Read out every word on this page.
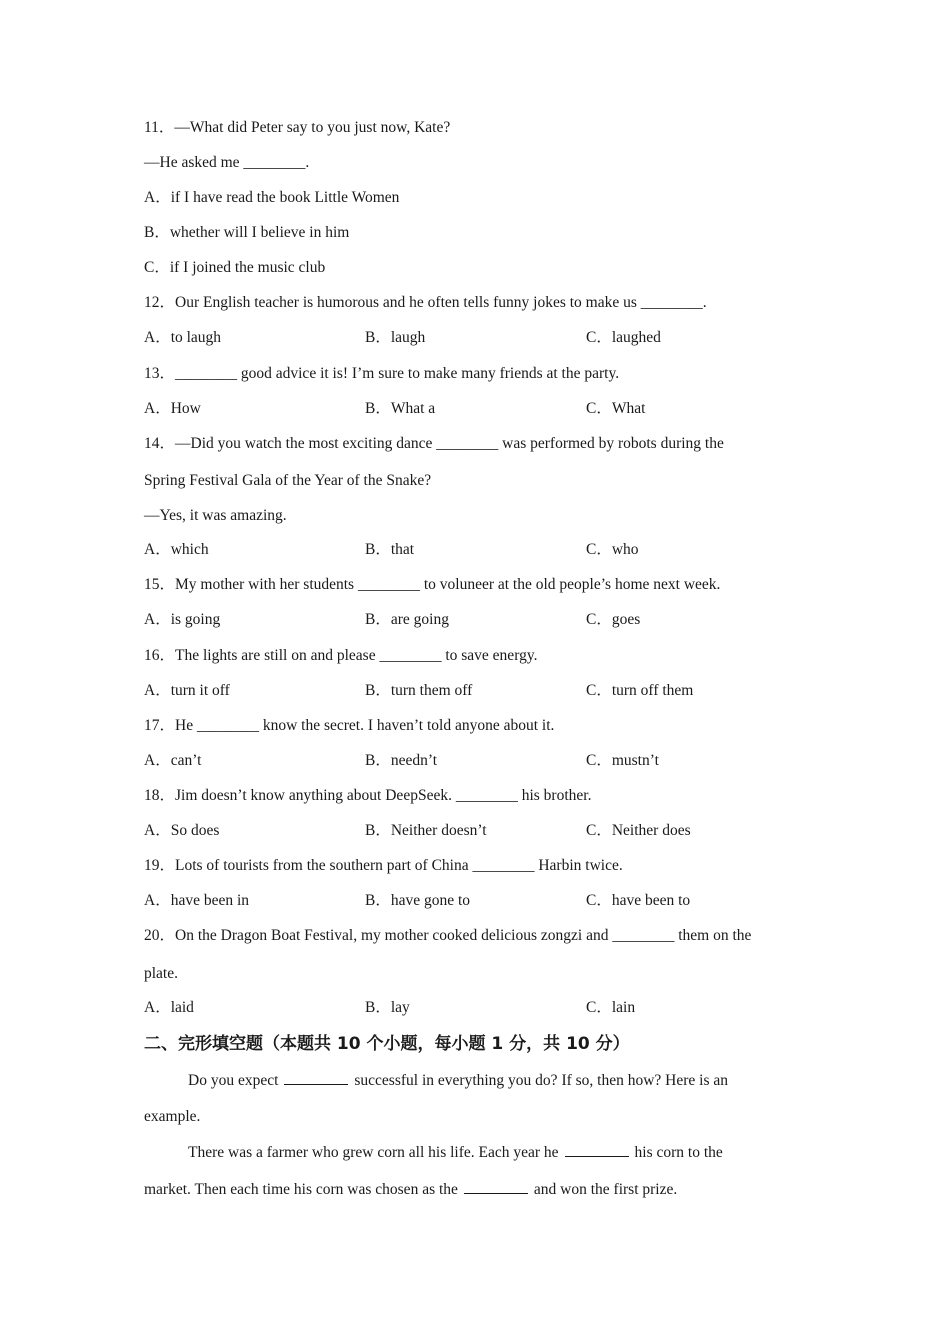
11．—What did Peter say to you just now, Kate?
—He asked me ________.
A．if I have read the book Little Women
B．whether will I believe in him
C．if I joined the music club
12．Our English teacher is humorous and he often tells funny jokes to make us ________.
A．to laugh	B．laugh	C．laughed
13．________ good advice it is! I’m sure to make many friends at the party.
A．How	B．What a	C．What
14．—Did you watch the most exciting dance ________ was performed by robots during the
Spring Festival Gala of the Year of the Snake?
—Yes, it was amazing.
A．which	B．that	C．who
15．My mother with her students ________ to voluneer at the old people’s home next week.
A．is going	B．are going	C．goes
16．The lights are still on and please ________ to save energy.
A．turn it off	B．turn them off	C．turn off them
17．He ________ know the secret. I haven’t told anyone about it.
A．can’t	B．needn’t	C．mustn’t
18．Jim doesn’t know anything about DeepSeek. ________ his brother.
A．So does	B．Neither doesn’t	C．Neither does
19．Lots of tourists from the southern part of China ________ Harbin twice.
A．have been in	B．have gone to	C．have been to
20．On the Dragon Boat Festival, my mother cooked delicious zongzi and ________ them on the
plate.
A．laid	B．lay	C．lain
二、完形填空题（本题共 10 个小题，每小题 1 分，共 10 分）
Do you expect	successful in everything you do? If so, then how? Here is an
example.
There was a farmer who grew corn all his life. Each year he	his corn to the
market. Then each time his corn was chosen as the	and won the first prize.
